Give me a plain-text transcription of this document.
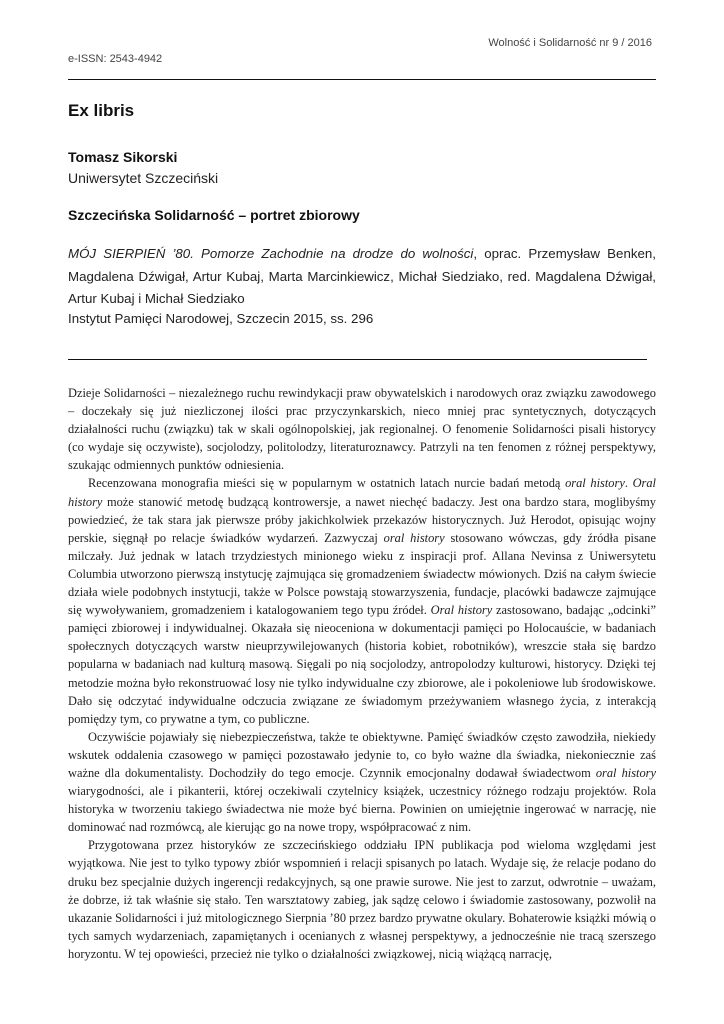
Wolność i Solidarność nr 9 / 2016
e-ISSN: 2543-4942
Ex libris
Tomasz Sikorski
Uniwersytet Szczeciński
Szczecińska Solidarność – portret zbiorowy

MÓJ SIERPIEŃ ’80. Pomorze Zachodnie na drodze do wolności, oprac. Przemysław Benken, Magdalena Dźwigał, Artur Kubaj, Marta Marcinkiewicz, Michał Siedziako, red. Magdalena Dźwigał, Artur Kubaj i Michał Siedziako

Instytut Pamięci Narodowej, Szczecin 2015, ss. 296

Dzieje Solidarności – niezależnego ruchu rewindykacji praw obywatelskich i narodowych oraz związku zawodowego – doczekały się już niezliczonej ilości prac przyczynkarskich, nieco mniej prac syntetycznych, dotyczących działalności ruchu (związku) tak w skali ogólnopolskiej, jak regionalnej. O fenomenie Solidarności pisali historycy (co wydaje się oczywiste), socjolodzy, politolodzy, literaturoznawcy. Patrzyli na ten fenomen z różnej perspektywy, szukając odmiennych punktów odniesienia.

Recenzowana monografia mieści się w popularnym w ostatnich latach nurcie badań metodą oral history. Oral history może stanowić metodę budzącą kontrowersje, a nawet niechęć badaczy. Jest ona bardzo stara, moglibyśmy powiedzieć, że tak stara jak pierwsze próby jakichkolwiek przekazów historycznych. Już Herodot, opisując wojny perskie, sięgnął po relacje świadków wydarzeń. Zazwyczaj oral history stosowano wówczas, gdy źródła pisane milczały. Już jednak w latach trzydziestych minionego wieku z inspiracji prof. Allana Nevinsa z Uniwersytetu Columbia utworzono pierwszą instytucję zajmująca się gromadzeniem świadectw mówionych. Dziś na całym świecie działa wiele podobnych instytucji, także w Polsce powstają stowarzyszenia, fundacje, placówki badawcze zajmujące się wywoływaniem, gromadzeniem i katalogowaniem tego typu źródeł. Oral history zastosowano, badając „odcinki” pamięci zbiorowej i indywidualnej. Okazała się nieoceniona w dokumentacji pamięci po Holocauście, w badaniach społecznych dotyczących warstw nieuprzywilejowanych (historia kobiet, robotników), wreszcie stała się bardzo popularna w badaniach nad kulturą masową. Sięgali po nią socjolodzy, antropolodzy kulturowi, historycy. Dzięki tej metodzie można było rekonstruować losy nie tylko indywidualne czy zbiorowe, ale i pokoleniowe lub środowiskowe. Dało się odczytać indywidualne odczucia związane ze świadomym przeżywaniem własnego życia, z interakcją pomiędzy tym, co prywatne a tym, co publiczne.

Oczywiście pojawiały się niebezpieczeństwa, także te obiektywne. Pamięć świadków często zawodziła, niekiedy wskutek oddalenia czasowego w pamięci pozostawało jedynie to, co było ważne dla świadka, niekoniecznie zaś ważne dla dokumentalisty. Dochodziły do tego emocje. Czynnik emocjonalny dodawał świadectwom oral history wiarygodności, ale i pikanterii, której oczekiwali czytelnicy książek, uczestnicy różnego rodzaju projektów. Rola historyka w tworzeniu takiego świadectwa nie może być bierna. Powinien on umiejętnie ingerować w narrację, nie dominować nad rozmówcą, ale kierując go na nowe tropy, współpracować z nim.

Przygotowana przez historyków ze szczecińskiego oddziału IPN publikacja pod wieloma względami jest wyjątkowa. Nie jest to tylko typowy zbiór wspomnień i relacji spisanych po latach. Wydaje się, że relacje podano do druku bez specjalnie dużych ingerencji redakcyjnych, są one prawie surowe. Nie jest to zarzut, odwrotnie – uważam, że dobrze, iż tak właśnie się stało. Ten warsztatowy zabieg, jak sądzę celowo i świadomie zastosowany, pozwolił na ukazanie Solidarności i już mitologicznego Sierpnia ’80 przez bardzo prywatne okulary. Bohaterowie książki mówią o tych samych wydarzeniach, zapamiętanych i ocenianych z własnej perspektywy, a jednocześnie nie tracą szerszego horyzontu. W tej opowieści, przecież nie tylko o działalności związkowej, nicią wiążącą narrację,
